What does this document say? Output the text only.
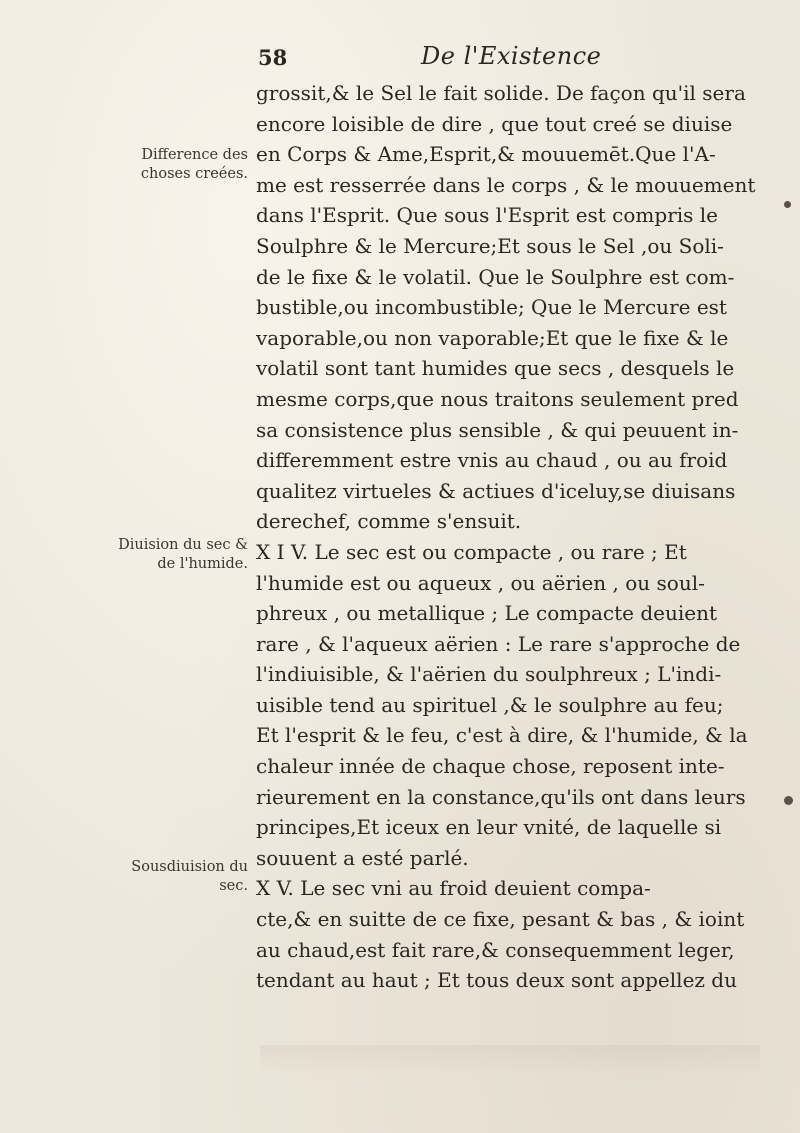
58	De l'Existence
Difference des choses creées.
Diuision du sec & de l'humide.
Sousdiuision du sec.
grossit,& le Sel le fait solide. De façon qu'il sera
encore loisible de dire , que tout creé se diuise
en Corps & Ame,Esprit,& mouuemēt.Que l'A-
me est resserrée dans le corps , & le mouuement
dans l'Esprit. Que sous l'Esprit est compris le
Soulphre & le Mercure;Et sous le Sel ,ou Soli-
de le fixe & le volatil. Que le Soulphre est com-
bustible,ou incombustible; Que le Mercure est
vaporable,ou non vaporable;Et que le fixe & le
volatil sont tant humides que secs , desquels le
mesme corps,que nous traitons seulement pred
sa consistence plus sensible , & qui peuuent in-
differemment estre vnis au chaud , ou au froid
qualitez virtueles & actiues d'iceluy,se diuisans
derechef, comme s'ensuit.
X I V. Le sec est ou compacte , ou rare ; Et
l'humide est ou aqueux , ou aërien , ou soul-
phreux , ou metallique ; Le compacte deuient
rare , & l'aqueux aërien : Le rare s'approche de
l'indiuisible, & l'aërien du soulphreux ; L'indi-
uisible tend au spirituel ,& le soulphre au feu;
Et l'esprit & le feu, c'est à dire, & l'humide, & la
chaleur innée de chaque chose, reposent inte-
rieurement en la constance,qu'ils ont dans leurs
principes,Et iceux en leur vnité, de laquelle si
souuent a esté parlé.
X V. Le sec vni au froid deuient compa-
cte,& en suitte de ce fixe, pesant & bas , & ioint
au chaud,est fait rare,& consequemment leger,
tendant au haut ; Et tous deux sont appellez du
